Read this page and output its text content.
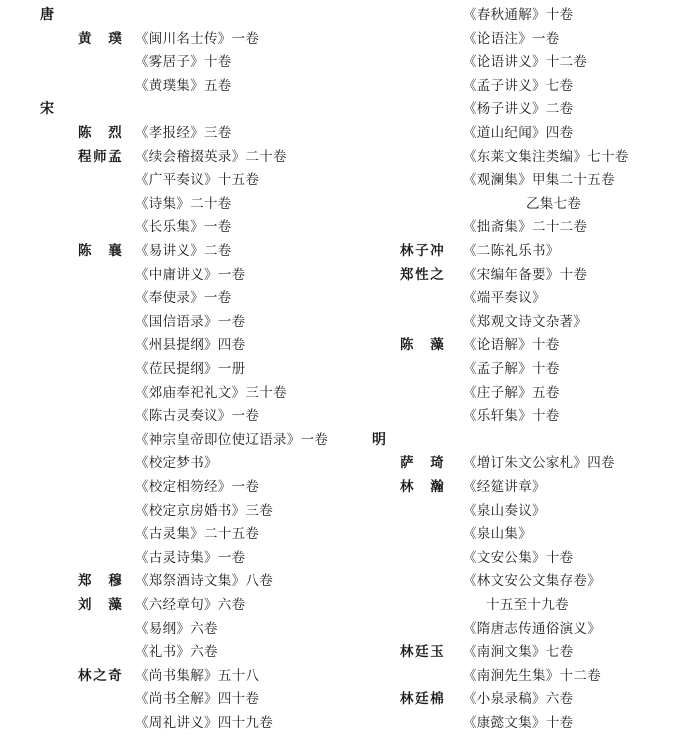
唐
黄　璞 《闽川名士传》一卷
《雾居子》十卷
《黄璞集》五卷
宋
陈　烈 《孝报经》三卷
程师孟 《续会稽掇英录》二十卷
《广平奏议》十五卷
《诗集》二十卷
《长乐集》一卷
陈　襄 《易讲义》二卷
《中庸讲义》一卷
《奉使录》一卷
《国信语录》一卷
《州县提纲》四卷
《莅民提纲》一册
《郊庙奉祀礼文》三十卷
《陈古灵奏议》一卷
《神宗皇帝即位使辽语录》一卷
《校定梦书》
《校定相笏经》一卷
《校定京房婚书》三卷
《古灵集》二十五卷
《古灵诗集》一卷
郑　穆 《郑祭酒诗文集》八卷
刘　藻 《六经章句》六卷
《易纲》六卷
《礼书》六卷
林之奇 《尚书集解》五十八
《尚书全解》四十卷
《周礼讲义》四十九卷
《春秋通解》十卷
《论语注》一卷
《论语讲义》十二卷
《孟子讲义》七卷
《杨子讲义》二卷
《道山纪闻》四卷
《东莱文集注类编》七十卷
《观澜集》甲集二十五卷
乙集七卷
《拙斋集》二十二卷
林子冲 《二陈礼乐书》
郑性之 《宋编年备要》十卷
《端平奏议》
《郑观文诗文杂著》
陈　藻 《论语解》十卷
《孟子解》十卷
《庄子解》五卷
《乐轩集》十卷
明
萨　琦 《增订朱文公家札》四卷
林　瀚 《经筵讲章》
《泉山奏议》
《泉山集》
《文安公集》十卷
《林文安公文集存卷》
十五至十九卷
《隋唐志传通俗演义》
林廷玉 《南涧文集》七卷
《南涧先生集》十二卷
林廷棉 《小泉录稿》六卷
《康懿文集》十卷
